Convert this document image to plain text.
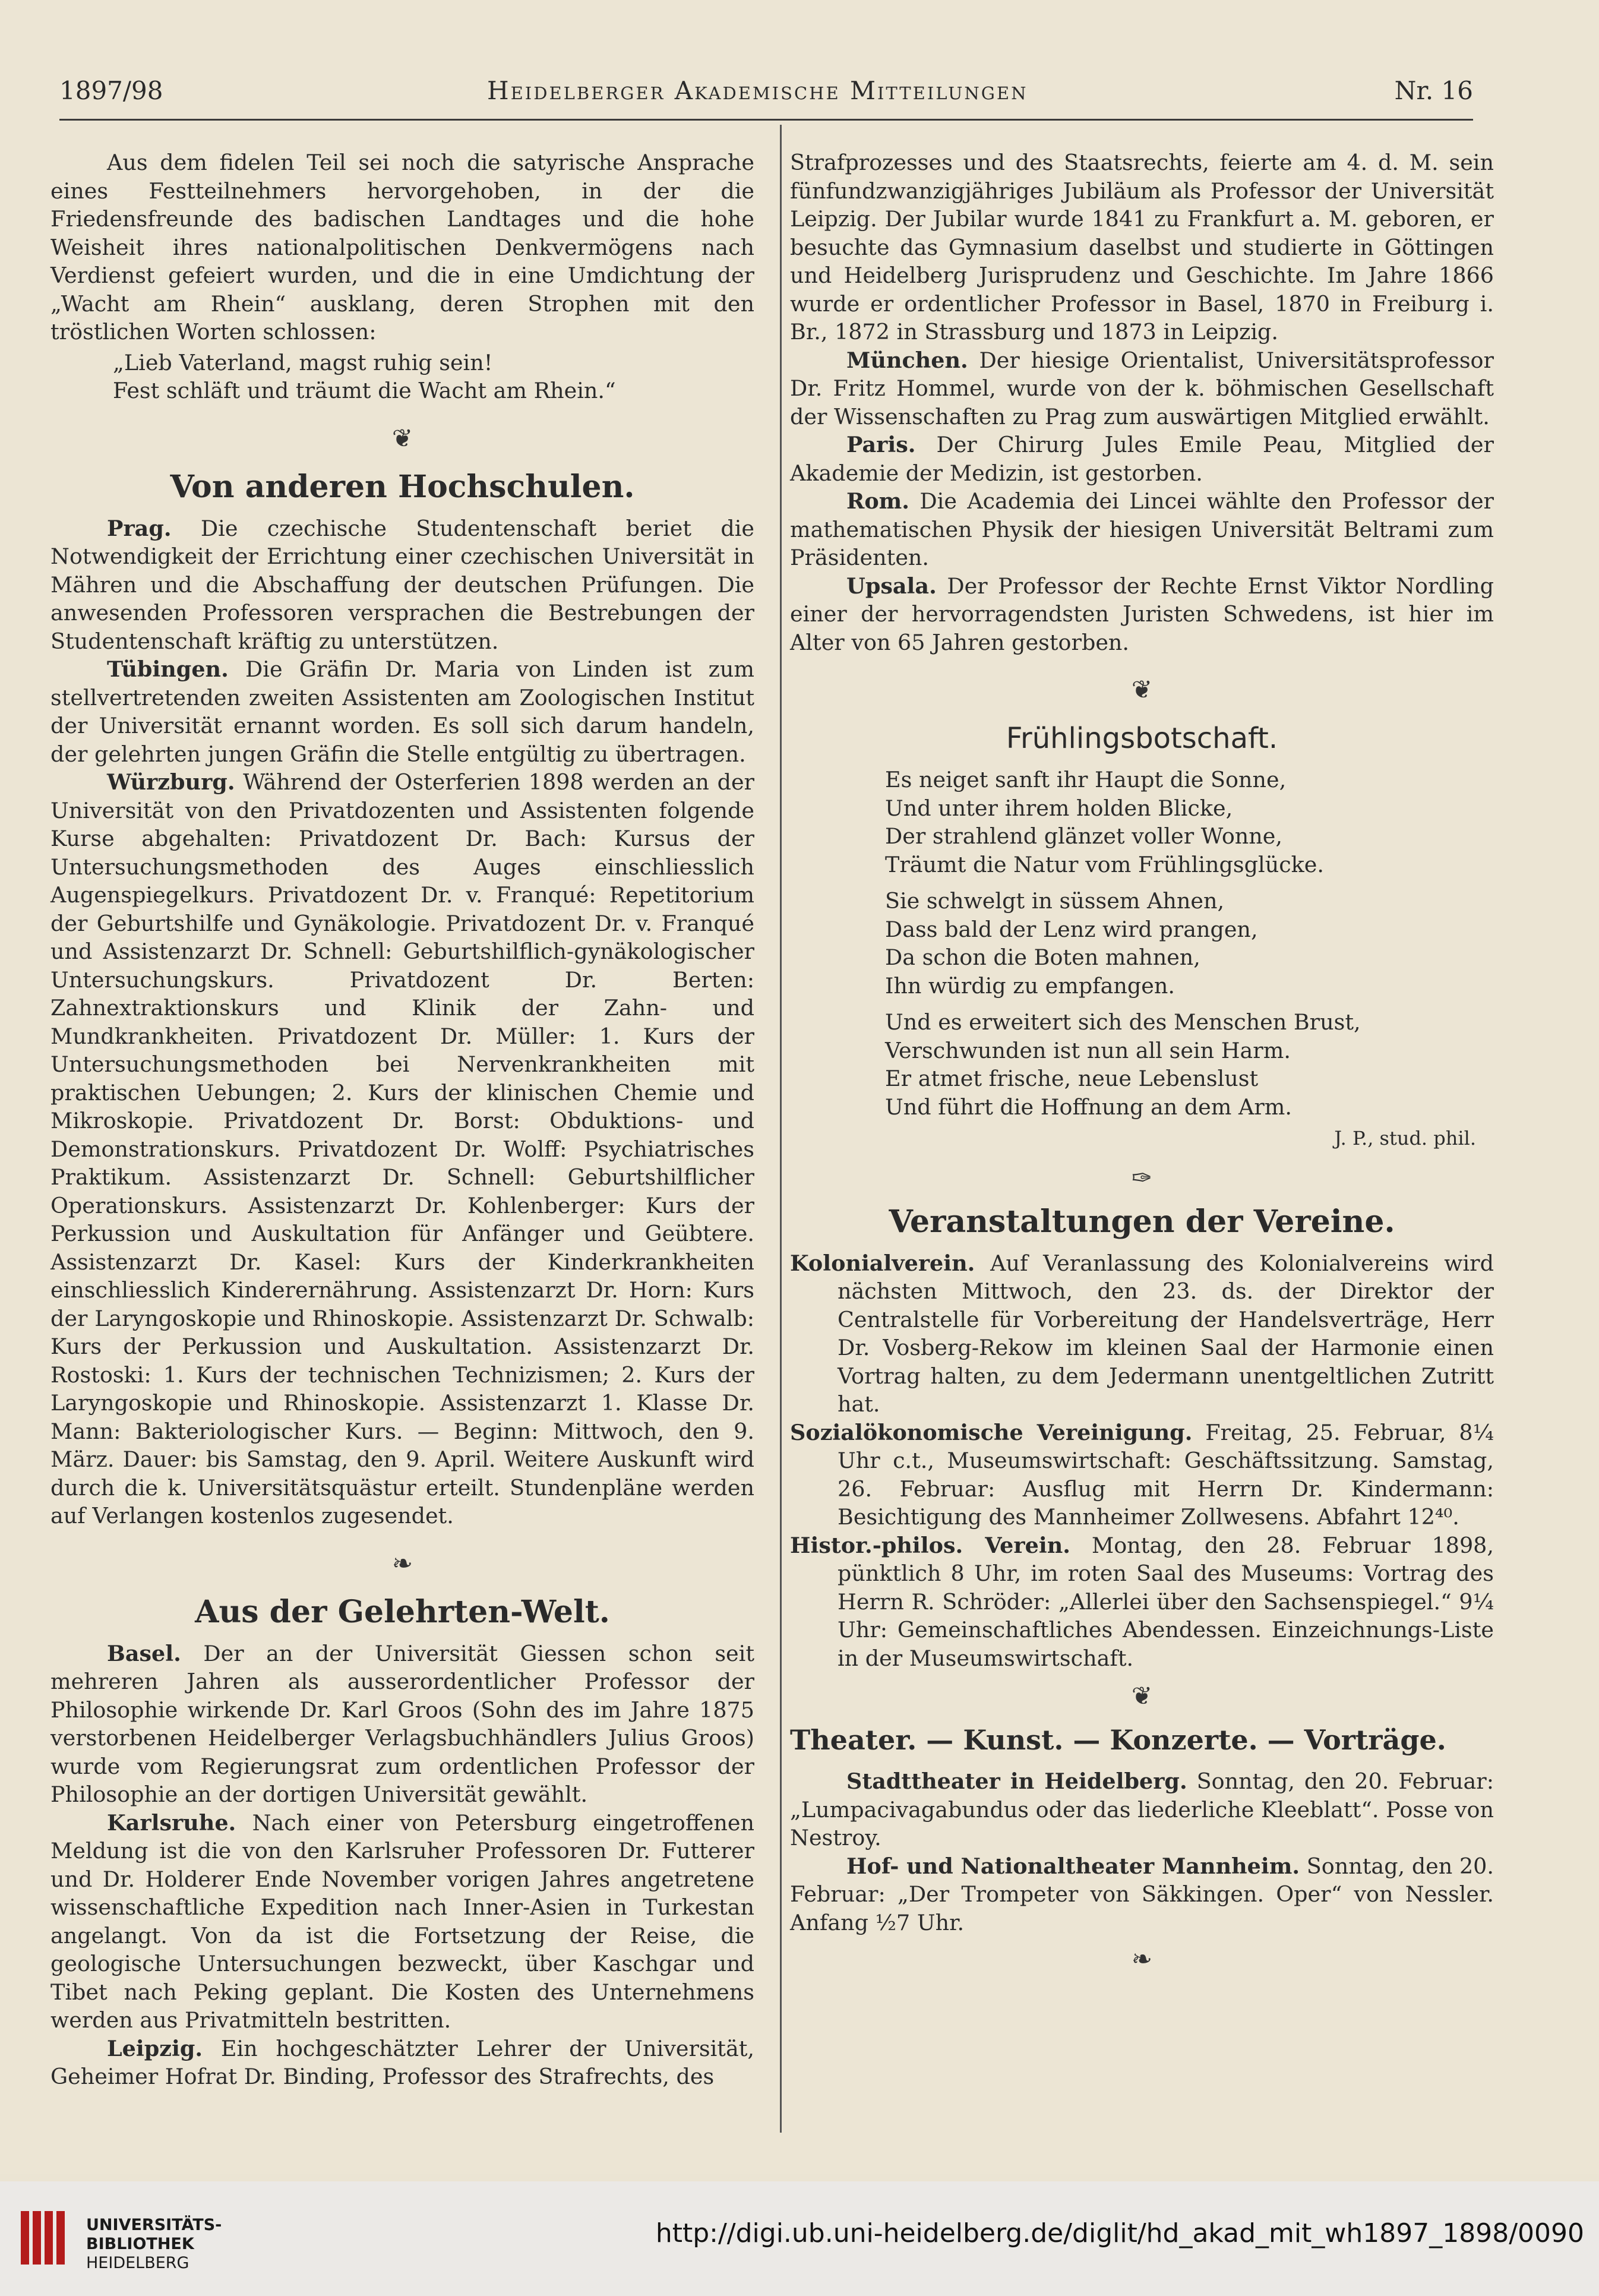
1897/98	Heidelberger Akademische Mitteilungen	Nr. 16

Aus dem fidelen Teil sei noch die satyrische Ansprache eines Festteilnehmers hervorgehoben, in der die Friedensfreunde des badischen Landtages und die hohe Weisheit ihres nationalpolitischen Denkvermögens nach Verdienst gefeiert wurden, und die in eine Umdichtung der „Wacht am Rhein“ ausklang, deren Strophen mit den tröstlichen Worten schlossen:

„Lieb Vaterland, magst ruhig sein!
Fest schläft und träumt die Wacht am Rhein.“
❦
Von anderen Hochschulen.

Prag. Die czechische Studentenschaft beriet die Notwendigkeit der Errichtung einer czechischen Universität in Mähren und die Abschaffung der deutschen Prüfungen. Die anwesenden Professoren versprachen die Bestrebungen der Studentenschaft kräftig zu unterstützen.

Tübingen. Die Gräfin Dr. Maria von Linden ist zum stellvertretenden zweiten Assistenten am Zoologischen Institut der Universität ernannt worden. Es soll sich darum handeln, der gelehrten jungen Gräfin die Stelle entgültig zu übertragen.

Würzburg. Während der Osterferien 1898 werden an der Universität von den Privatdozenten und Assistenten folgende Kurse abgehalten: Privatdozent Dr. Bach: Kursus der Untersuchungsmethoden des Auges einschliesslich Augenspiegelkurs. Privatdozent Dr. v. Franqué: Repetitorium der Geburtshilfe und Gynäkologie. Privatdozent Dr. v. Franqué und Assistenzarzt Dr. Schnell: Geburtshilflich-gynäkologischer Untersuchungskurs. Privatdozent Dr. Berten: Zahnextraktionskurs und Klinik der Zahn- und Mundkrankheiten. Privatdozent Dr. Müller: 1. Kurs der Untersuchungsmethoden bei Nervenkrankheiten mit praktischen Uebungen; 2. Kurs der klinischen Chemie und Mikroskopie. Privatdozent Dr. Borst: Obduktions- und Demonstrationskurs. Privatdozent Dr. Wolff: Psychiatrisches Praktikum. Assistenzarzt Dr. Schnell: Geburtshilflicher Operationskurs. Assistenzarzt Dr. Kohlenberger: Kurs der Perkussion und Auskultation für Anfänger und Geübtere. Assistenzarzt Dr. Kasel: Kurs der Kinderkrankheiten einschliesslich Kinderernährung. Assistenzarzt Dr. Horn: Kurs der Laryngoskopie und Rhinoskopie. Assistenzarzt Dr. Schwalb: Kurs der Perkussion und Auskultation. Assistenzarzt Dr. Rostoski: 1. Kurs der technischen Technizismen; 2. Kurs der Laryngoskopie und Rhinoskopie. Assistenzarzt 1. Klasse Dr. Mann: Bakteriologischer Kurs. — Beginn: Mittwoch, den 9. März. Dauer: bis Samstag, den 9. April. Weitere Auskunft wird durch die k. Universitätsquästur erteilt. Stundenpläne werden auf Verlangen kostenlos zugesendet.

❧
Aus der Gelehrten-Welt.

Basel. Der an der Universität Giessen schon seit mehreren Jahren als ausserordentlicher Professor der Philosophie wirkende Dr. Karl Groos (Sohn des im Jahre 1875 verstorbenen Heidelberger Verlagsbuchhändlers Julius Groos) wurde vom Regierungsrat zum ordentlichen Professor der Philosophie an der dortigen Universität gewählt.

Karlsruhe. Nach einer von Petersburg eingetroffenen Meldung ist die von den Karlsruher Professoren Dr. Futterer und Dr. Holderer Ende November vorigen Jahres angetretene wissenschaftliche Expedition nach Inner-Asien in Turkestan angelangt. Von da ist die Fortsetzung der Reise, die geologische Untersuchungen bezweckt, über Kaschgar und Tibet nach Peking geplant. Die Kosten des Unternehmens werden aus Privatmitteln bestritten.

Leipzig. Ein hochgeschätzter Lehrer der Universität, Geheimer Hofrat Dr. Binding, Professor des Strafrechts, des

Strafprozesses und des Staatsrechts, feierte am 4. d. M. sein fünfundzwanzigjähriges Jubiläum als Professor der Universität Leipzig. Der Jubilar wurde 1841 zu Frankfurt a. M. geboren, er besuchte das Gymnasium daselbst und studierte in Göttingen und Heidelberg Jurisprudenz und Geschichte. Im Jahre 1866 wurde er ordentlicher Professor in Basel, 1870 in Freiburg i. Br., 1872 in Strassburg und 1873 in Leipzig.

München. Der hiesige Orientalist, Universitätsprofessor Dr. Fritz Hommel, wurde von der k. böhmischen Gesellschaft der Wissenschaften zu Prag zum auswärtigen Mitglied erwählt.

Paris. Der Chirurg Jules Emile Peau, Mitglied der Akademie der Medizin, ist gestorben.

Rom. Die Academia dei Lincei wählte den Professor der mathematischen Physik der hiesigen Universität Beltrami zum Präsidenten.

Upsala. Der Professor der Rechte Ernst Viktor Nordling einer der hervorragendsten Juristen Schwedens, ist hier im Alter von 65 Jahren gestorben.

❦
Frühlingsbotschaft.
Es neiget sanft ihr Haupt die Sonne,
Und unter ihrem holden Blicke,
Der strahlend glänzet voller Wonne,
Träumt die Natur vom Frühlingsglücke.
Sie schwelgt in süssem Ahnen,
Dass bald der Lenz wird prangen,
Da schon die Boten mahnen,
Ihn würdig zu empfangen.
Und es erweitert sich des Menschen Brust,
Verschwunden ist nun all sein Harm.
Er atmet frische, neue Lebenslust
Und führt die Hoffnung an dem Arm.
J. P., stud. phil.
✑
Veranstaltungen der Vereine.

Kolonialverein. Auf Veranlassung des Kolonialvereins wird nächsten Mittwoch, den 23. ds. der Direktor der Centralstelle für Vorbereitung der Handelsverträge, Herr Dr. Vosberg-Rekow im kleinen Saal der Harmonie einen Vortrag halten, zu dem Jedermann unentgeltlichen Zutritt hat.

Sozialökonomische Vereinigung. Freitag, 25. Februar, 8¼ Uhr c.t., Museumswirtschaft: Geschäftssitzung. Samstag, 26. Februar: Ausflug mit Herrn Dr. Kindermann: Besichtigung des Mannheimer Zollwesens. Abfahrt 12⁴⁰.

Histor.-philos. Verein. Montag, den 28. Februar 1898, pünktlich 8 Uhr, im roten Saal des Museums: Vortrag des Herrn R. Schröder: „Allerlei über den Sachsenspiegel.“ 9¼ Uhr: Gemeinschaftliches Abendessen. Einzeichnungs-Liste in der Museumswirtschaft.

❦
Theater. — Kunst. — Konzerte. — Vorträge.

Stadttheater in Heidelberg. Sonntag, den 20. Februar: „Lumpacivagabundus oder das liederliche Kleeblatt“. Posse von Nestroy.

Hof- und Nationaltheater Mannheim. Sonntag, den 20. Februar: „Der Trompeter von Säkkingen. Oper“ von Nessler. Anfang ½7 Uhr.

❧
UNIVERSITÄTS-
BIBLIOTHEK
HEIDELBERG
http://digi.ub.uni-heidelberg.de/diglit/hd_akad_mit_wh1897_1898/0090
